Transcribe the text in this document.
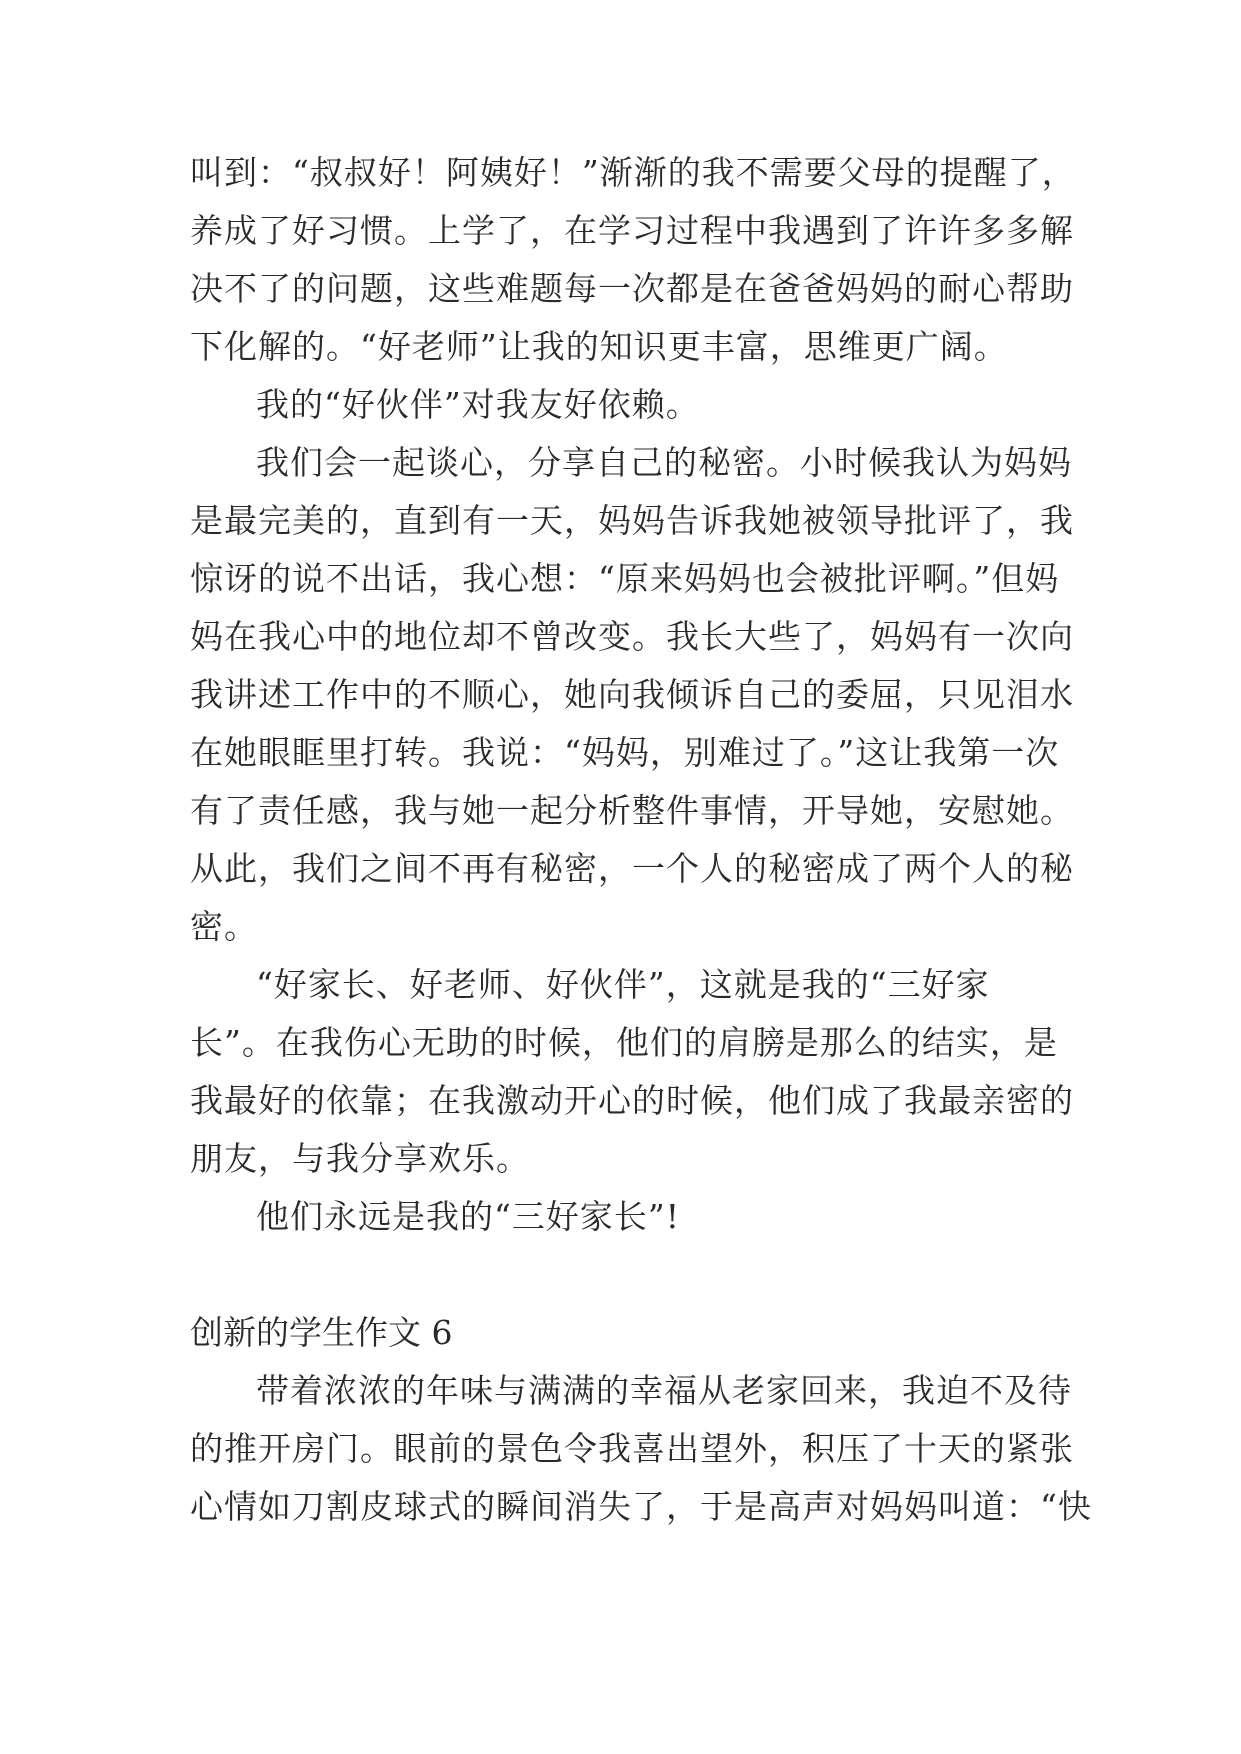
叫到：“叔叔好！阿姨好！”渐渐的我不需要父母的提醒了，
养成了好习惯。上学了，在学习过程中我遇到了许许多多解
决不了的问题，这些难题每一次都是在爸爸妈妈的耐心帮助
下化解的。“好老师”让我的知识更丰富，思维更广阔。
我的“好伙伴”对我友好依赖。
我们会一起谈心，分享自己的秘密。小时候我认为妈妈
是最完美的，直到有一天，妈妈告诉我她被领导批评了，我
惊讶的说不出话，我心想：“原来妈妈也会被批评啊。”但妈
妈在我心中的地位却不曾改变。我长大些了，妈妈有一次向
我讲述工作中的不顺心，她向我倾诉自己的委屈，只见泪水
在她眼眶里打转。我说：“妈妈，别难过了。”这让我第一次
有了责任感，我与她一起分析整件事情，开导她，安慰她。
从此，我们之间不再有秘密，一个人的秘密成了两个人的秘
密。
“好家长、好老师、好伙伴”，这就是我的“三好家
长”。在我伤心无助的时候，他们的肩膀是那么的结实，是
我最好的依靠；在我激动开心的时候，他们成了我最亲密的
朋友，与我分享欢乐。
他们永远是我的“三好家长”!
创新的学生作文 6
带着浓浓的年味与满满的幸福从老家回来，我迫不及待
的推开房门。眼前的景色令我喜出望外，积压了十天的紧张
心情如刀割皮球式的瞬间消失了，于是高声对妈妈叫道：“快
